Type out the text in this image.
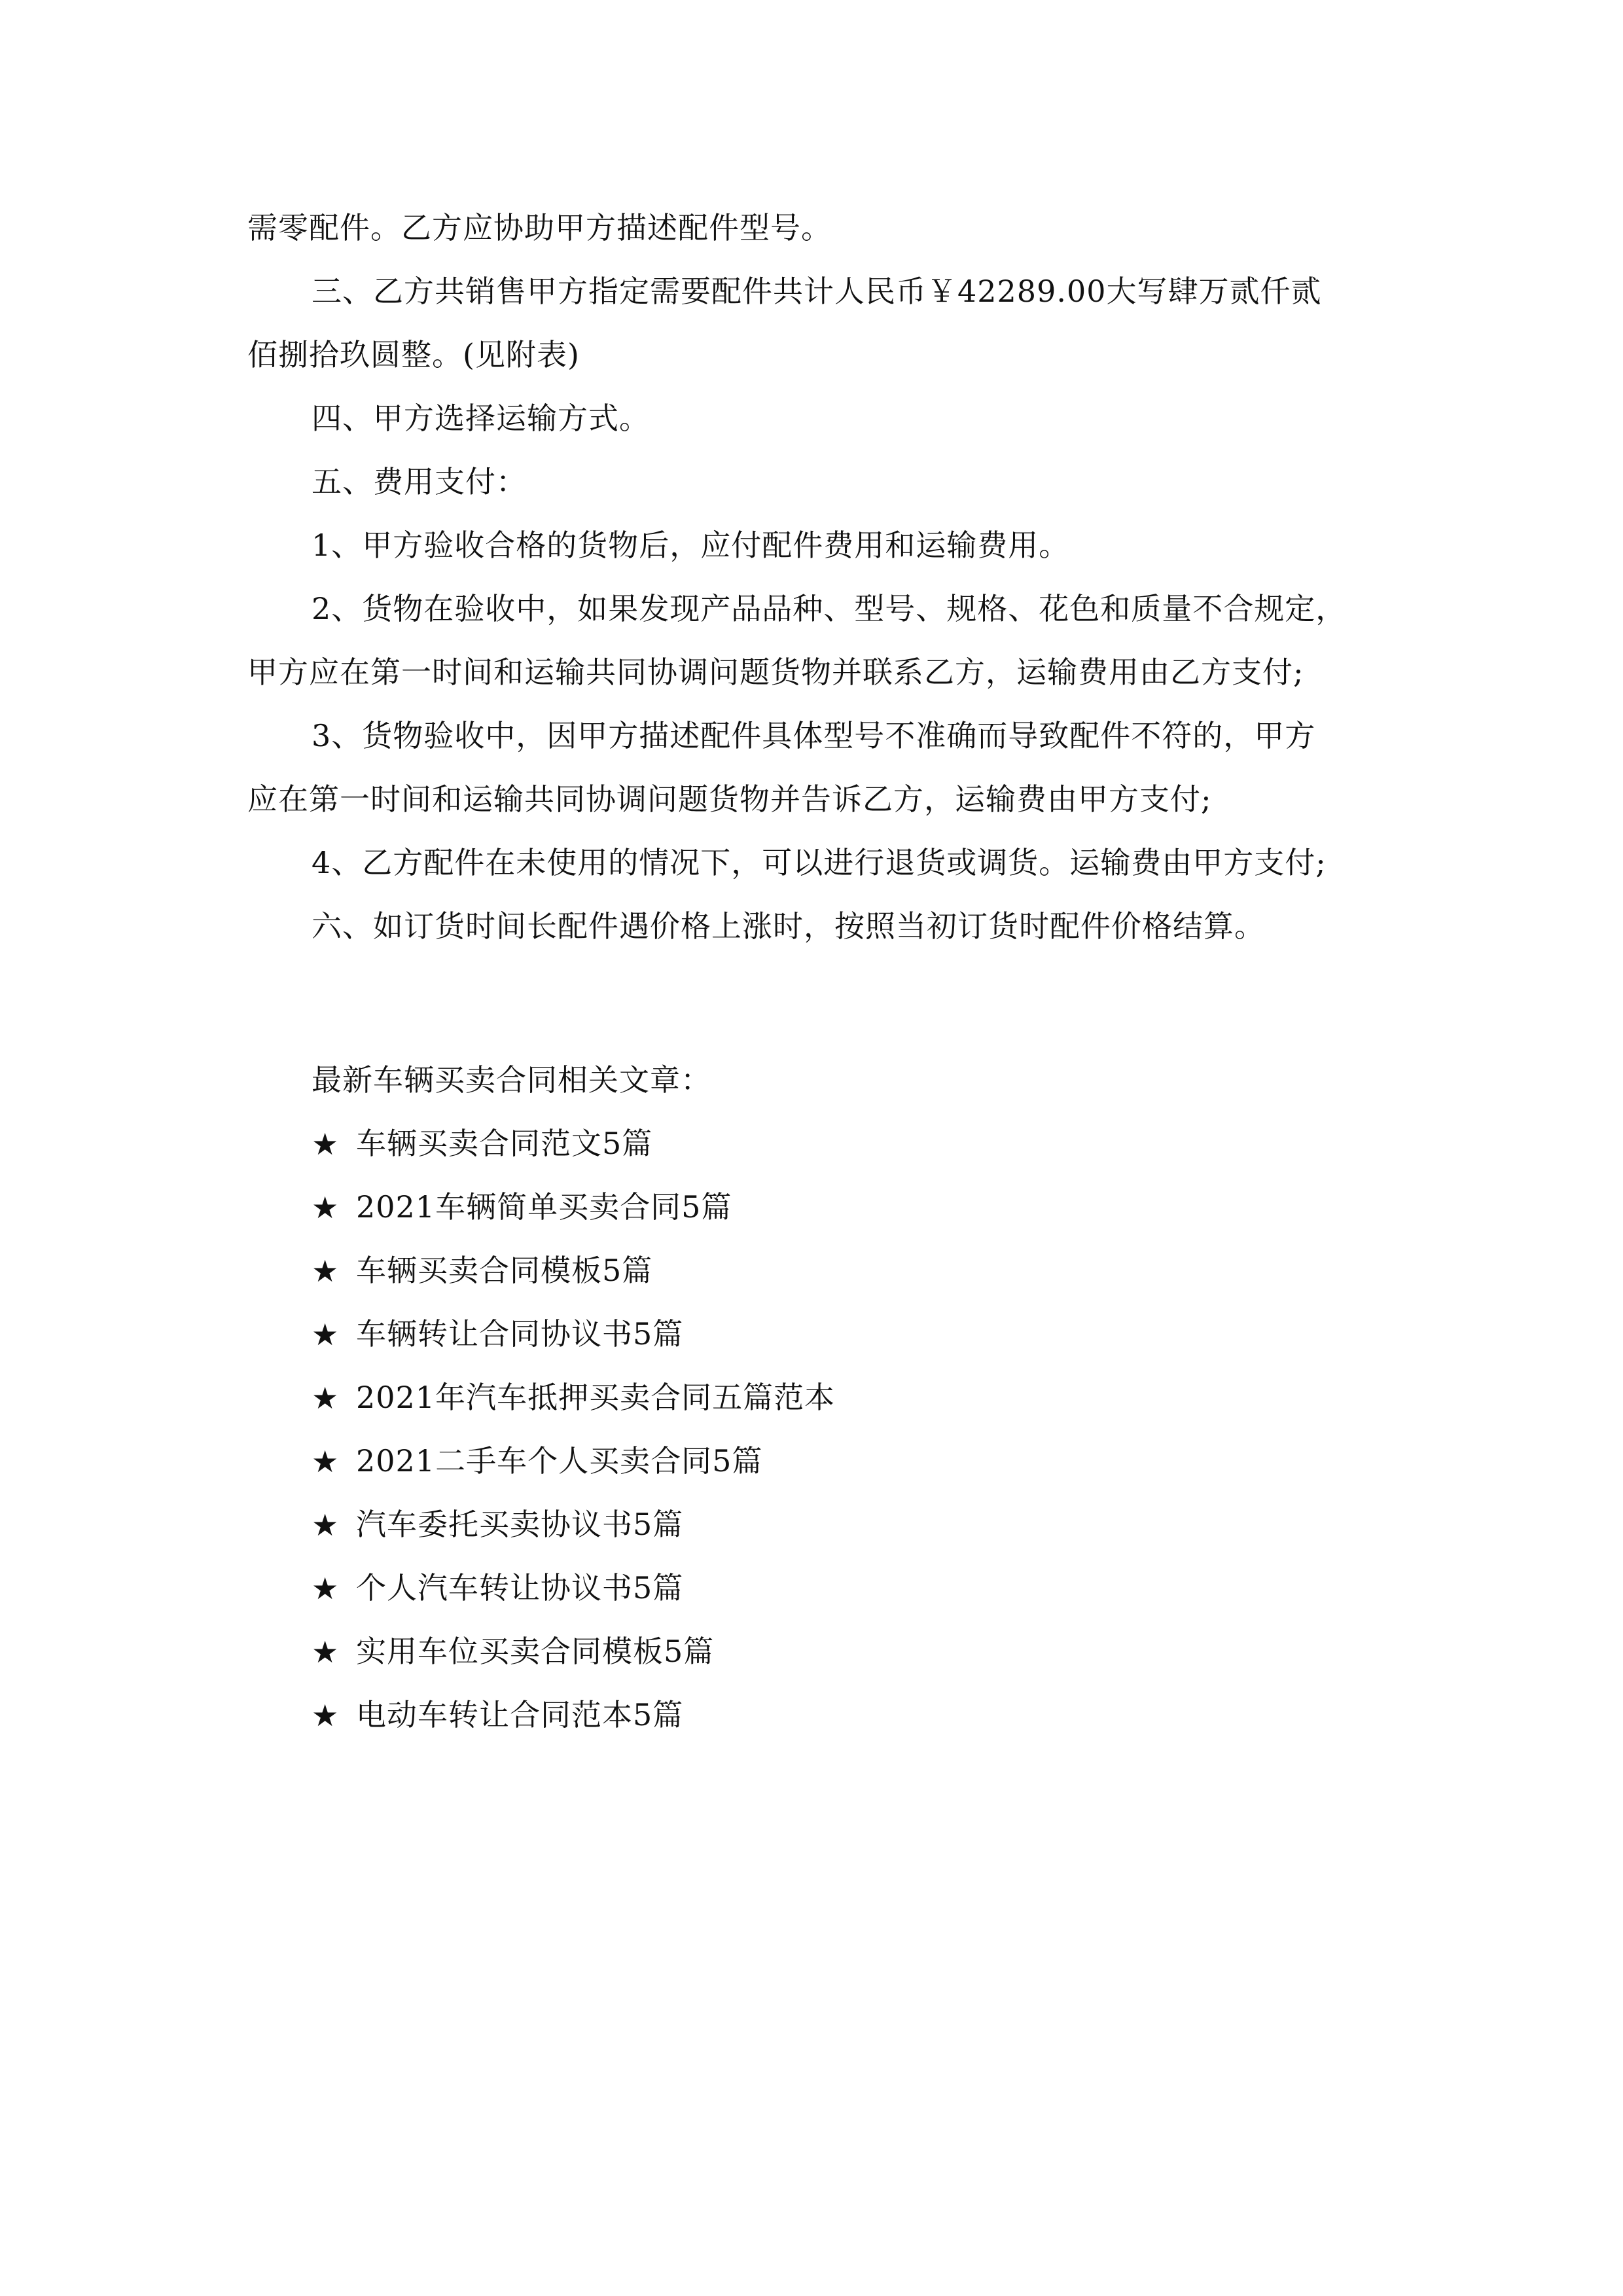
需零配件。乙方应协助甲方描述配件型号。
三、乙方共销售甲方指定需要配件共计人民币￥42289.00大写肆万贰仟贰
佰捌拾玖圆整。(见附表)
四、甲方选择运输方式。
五、费用支付：
1、甲方验收合格的货物后，应付配件费用和运输费用。
2、货物在验收中，如果发现产品品种、型号、规格、花色和质量不合规定，
甲方应在第一时间和运输共同协调问题货物并联系乙方，运输费用由乙方支付;
3、货物验收中，因甲方描述配件具体型号不准确而导致配件不符的，甲方
应在第一时间和运输共同协调问题货物并告诉乙方，运输费由甲方支付;
4、乙方配件在未使用的情况下，可以进行退货或调货。运输费由甲方支付;
六、如订货时间长配件遇价格上涨时，按照当初订货时配件价格结算。
最新车辆买卖合同相关文章：
★ 车辆买卖合同范文5篇
★ 2021车辆简单买卖合同5篇
★ 车辆买卖合同模板5篇
★ 车辆转让合同协议书5篇
★ 2021年汽车抵押买卖合同五篇范本
★ 2021二手车个人买卖合同5篇
★ 汽车委托买卖协议书5篇
★ 个人汽车转让协议书5篇
★ 实用车位买卖合同模板5篇
★ 电动车转让合同范本5篇
